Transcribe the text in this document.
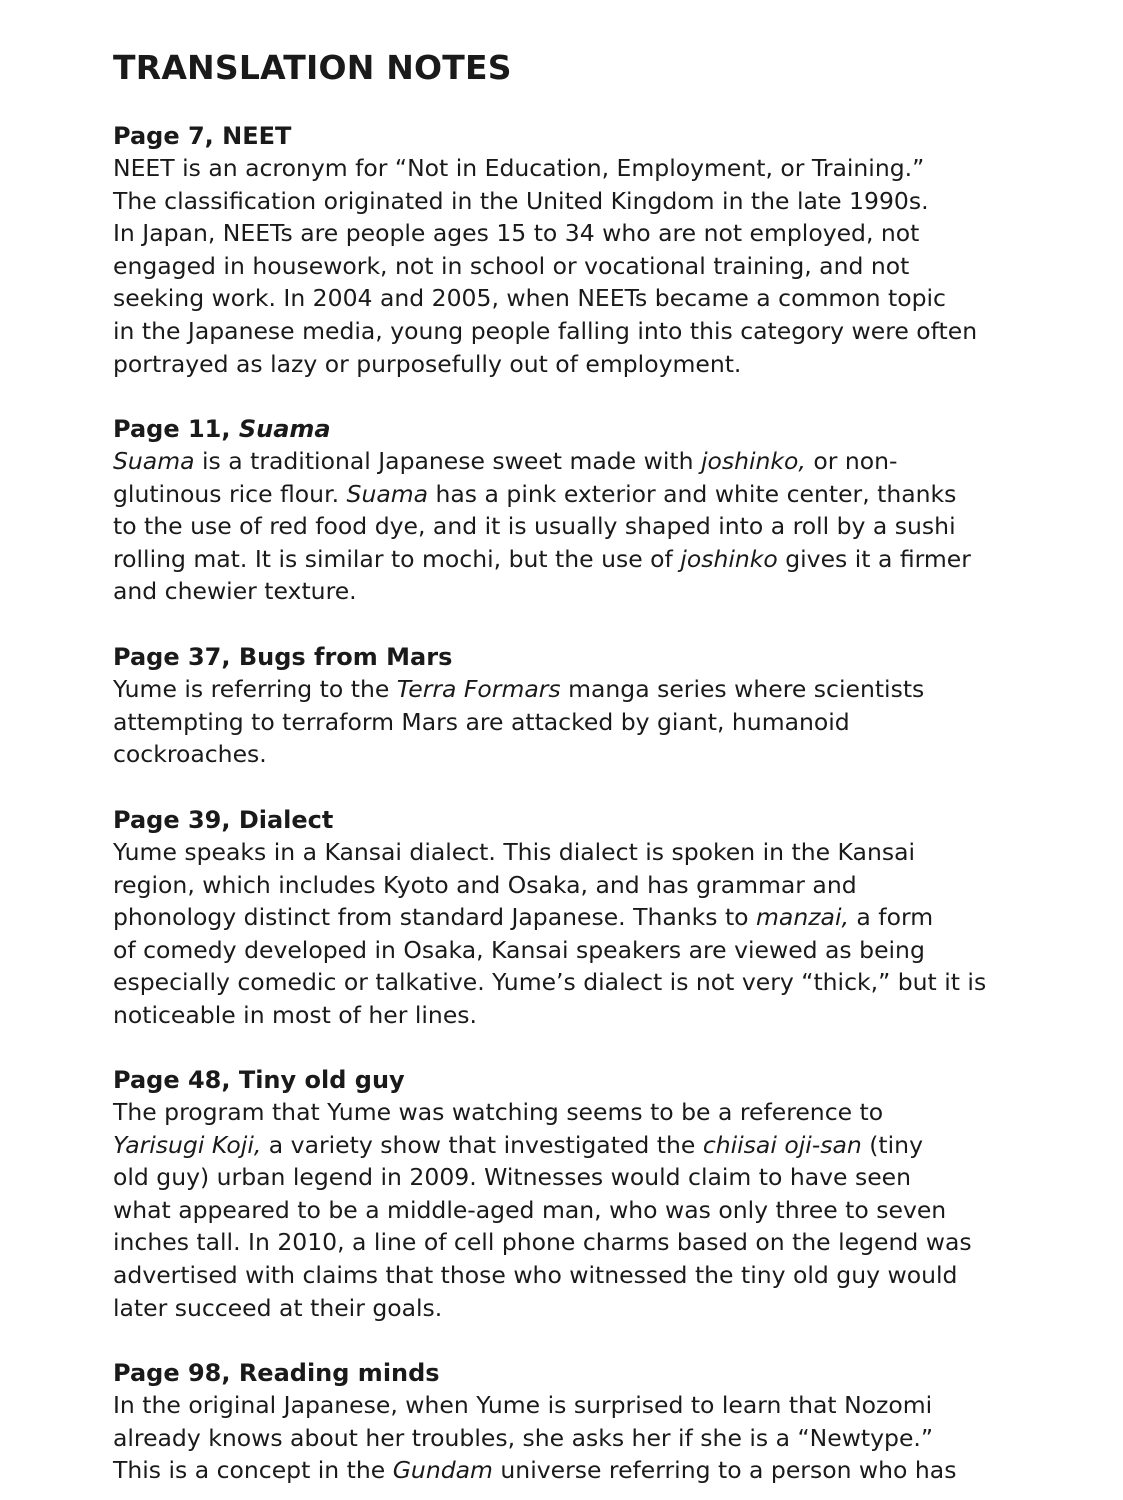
TRANSLATION NOTES
Page 7, NEET
NEET is an acronym for “Not in Education, Employment, or Training.”
The classification originated in the United Kingdom in the late 1990s.
In Japan, NEETs are people ages 15 to 34 who are not employed, not
engaged in housework, not in school or vocational training, and not
seeking work. In 2004 and 2005, when NEETs became a common topic
in the Japanese media, young people falling into this category were often
portrayed as lazy or purposefully out of employment.
Page 11, Suama
Suama is a traditional Japanese sweet made with joshinko, or non-
glutinous rice flour. Suama has a pink exterior and white center, thanks
to the use of red food dye, and it is usually shaped into a roll by a sushi
rolling mat. It is similar to mochi, but the use of joshinko gives it a firmer
and chewier texture.
Page 37, Bugs from Mars
Yume is referring to the Terra Formars manga series where scientists
attempting to terraform Mars are attacked by giant, humanoid
cockroaches.
Page 39, Dialect
Yume speaks in a Kansai dialect. This dialect is spoken in the Kansai
region, which includes Kyoto and Osaka, and has grammar and
phonology distinct from standard Japanese. Thanks to manzai, a form
of comedy developed in Osaka, Kansai speakers are viewed as being
especially comedic or talkative. Yume’s dialect is not very “thick,” but it is
noticeable in most of her lines.
Page 48, Tiny old guy
The program that Yume was watching seems to be a reference to
Yarisugi Koji, a variety show that investigated the chiisai oji-san (tiny
old guy) urban legend in 2009. Witnesses would claim to have seen
what appeared to be a middle-aged man, who was only three to seven
inches tall. In 2010, a line of cell phone charms based on the legend was
advertised with claims that those who witnessed the tiny old guy would
later succeed at their goals.
Page 98, Reading minds
In the original Japanese, when Yume is surprised to learn that Nozomi
already knows about her troubles, she asks her if she is a “Newtype.”
This is a concept in the Gundam universe referring to a person who has
